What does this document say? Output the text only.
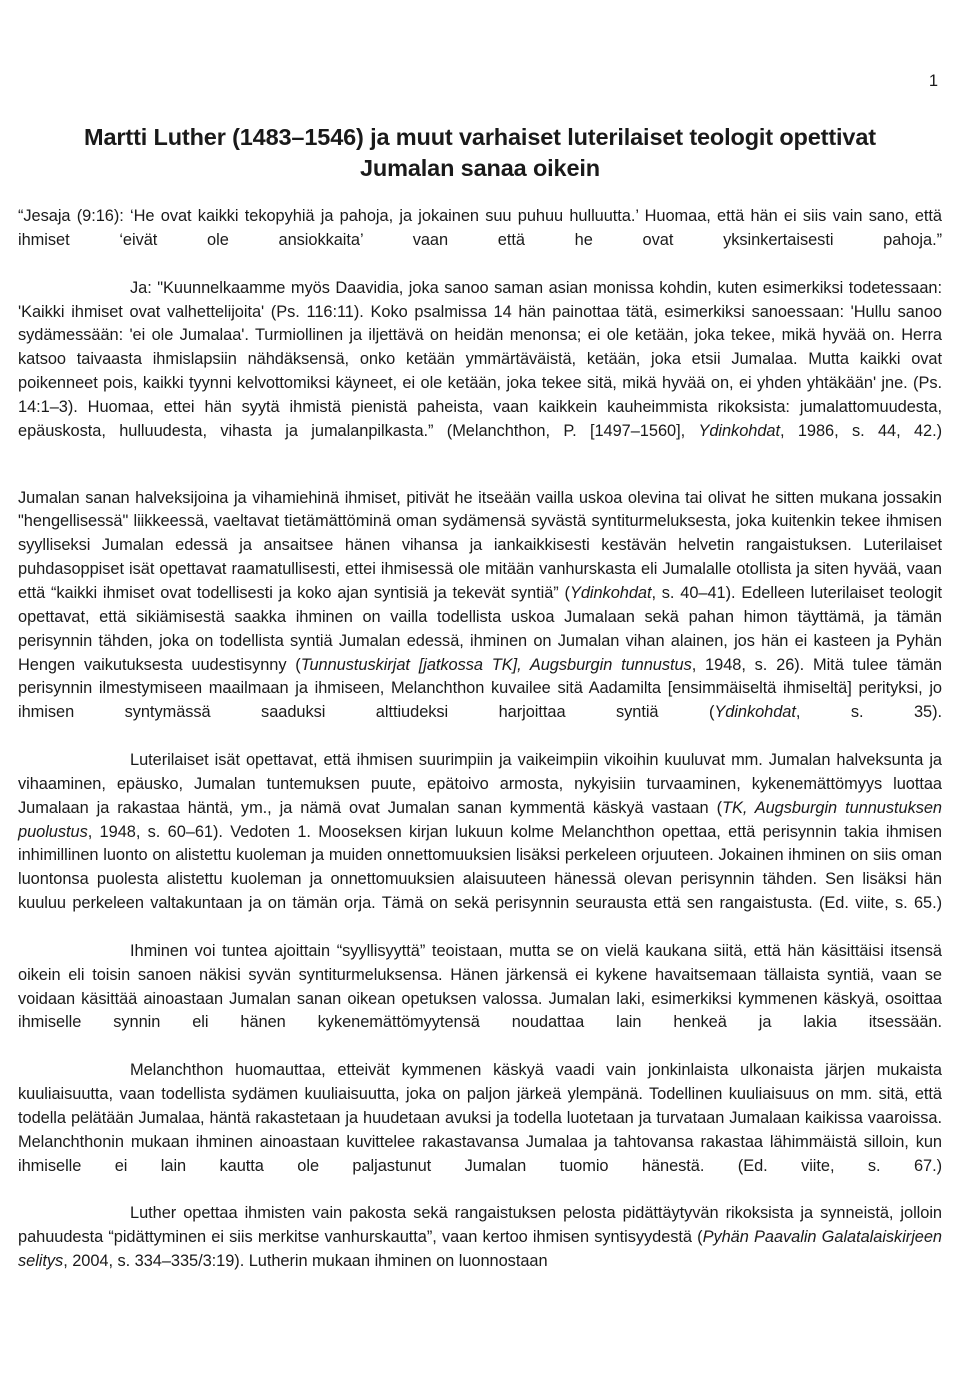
1
Martti Luther (1483–1546) ja muut varhaiset luterilaiset teologit opettivat Jumalan sanaa oikein

“Jesaja (9:16): ‘He ovat kaikki tekopyhiä ja pahoja, ja jokainen suu puhuu hulluutta.’ Huomaa, että hän ei siis vain sano, että ihmiset ‘eivät ole ansiokkaita’ vaan että he ovat yksinkertaisesti pahoja.”

Ja: "Kuunnelkaamme myös Daavidia, joka sanoo saman asian monissa kohdin, kuten esimerkiksi todetessaan: 'Kaikki ihmiset ovat valhettelijoita' (Ps. 116:11). Koko psalmissa 14 hän painottaa tätä, esimerkiksi sanoessaan: 'Hullu sanoo sydämessään: 'ei ole Jumalaa'. Turmiollinen ja iljettävä on heidän menonsa; ei ole ketään, joka tekee, mikä hyvää on. Herra katsoo taivaasta ihmislapsiin nähdäksensä, onko ketään ymmärtäväistä, ketään, joka etsii Jumalaa. Mutta kaikki ovat poikenneet pois, kaikki tyynni kelvottomiksi käyneet, ei ole ketään, joka tekee sitä, mikä hyvää on, ei yhden yhtäkään' jne. (Ps. 14:1–3). Huomaa, ettei hän syytä ihmistä pienistä paheista, vaan kaikkein kauheimmista rikoksista: jumalattomuudesta, epäuskosta, hulluudesta, vihasta ja jumalanpilkasta.” (Melanchthon, P. [1497–1560], Ydinkohdat, 1986, s. 44, 42.)

Jumalan sanan halveksijoina ja vihamiehinä ihmiset, pitivät he itseään vailla uskoa olevina tai olivat he sitten mukana jossakin "hengellisessä" liikkeessä, vaeltavat tietämättöminä oman sydämensä syvästä syntiturmeluksesta, joka kuitenkin tekee ihmisen syylliseksi Jumalan edessä ja ansaitsee hänen vihansa ja iankaikkisesti kestävän helvetin rangaistuksen. Luterilaiset puhdasoppiset isät opettavat raamatullisesti, ettei ihmisessä ole mitään vanhurskasta eli Jumalalle otollista ja siten hyvää, vaan että “kaikki ihmiset ovat todellisesti ja koko ajan syntisiä ja tekevät syntiä” (Ydinkohdat, s. 40–41). Edelleen luterilaiset teologit opettavat, että sikiämisestä saakka ihminen on vailla todellista uskoa Jumalaan sekä pahan himon täyttämä, ja tämän perisynnin tähden, joka on todellista syntiä Jumalan edessä, ihminen on Jumalan vihan alainen, jos hän ei kasteen ja Pyhän Hengen vaikutuksesta uudestisynny (Tunnustuskirjat [jatkossa TK], Augsburgin tunnustus, 1948, s. 26). Mitä tulee tämän perisynnin ilmestymiseen maailmaan ja ihmiseen, Melanchthon kuvailee sitä Aadamilta [ensimmäiseltä ihmiseltä] perityksi, jo ihmisen syntymässä saaduksi alttiudeksi harjoittaa syntiä (Ydinkohdat, s. 35).

Luterilaiset isät opettavat, että ihmisen suurimpiin ja vaikeimpiin vikoihin kuuluvat mm. Jumalan halveksunta ja vihaaminen, epäusko, Jumalan tuntemuksen puute, epätoivo armosta, nykyisiin turvaaminen, kykenemättömyys luottaa Jumalaan ja rakastaa häntä, ym., ja nämä ovat Jumalan sanan kymmentä käskyä vastaan (TK, Augsburgin tunnustuksen puolustus, 1948, s. 60–61). Vedoten 1. Mooseksen kirjan lukuun kolme Melanchthon opettaa, että perisynnin takia ihmisen inhimillinen luonto on alistettu kuoleman ja muiden onnettomuuksien lisäksi perkeleen orjuuteen. Jokainen ihminen on siis oman luontonsa puolesta alistettu kuoleman ja onnettomuuksien alaisuuteen hänessä olevan perisynnin tähden. Sen lisäksi hän kuuluu perkeleen valtakuntaan ja on tämän orja. Tämä on sekä perisynnin seurausta että sen rangaistusta. (Ed. viite, s. 65.)

Ihminen voi tuntea ajoittain “syyllisyyttä” teoistaan, mutta se on vielä kaukana siitä, että hän käsittäisi itsensä oikein eli toisin sanoen näkisi syvän syntiturmeluksensa. Hänen järkensä ei kykene havaitsemaan tällaista syntiä, vaan se voidaan käsittää ainoastaan Jumalan sanan oikean opetuksen valossa. Jumalan laki, esimerkiksi kymmenen käskyä, osoittaa ihmiselle synnin eli hänen kykenemättömyytensä noudattaa lain henkeä ja lakia itsessään.

Melanchthon huomauttaa, etteivät kymmenen käskyä vaadi vain jonkinlaista ulkonaista järjen mukaista kuuliaisuutta, vaan todellista sydämen kuuliaisuutta, joka on paljon järkeä ylempänä. Todellinen kuuliaisuus on mm. sitä, että todella pelätään Jumalaa, häntä rakastetaan ja huudetaan avuksi ja todella luotetaan ja turvataan Jumalaan kaikissa vaaroissa. Melanchthonin mukaan ihminen ainoastaan kuvittelee rakastavansa Jumalaa ja tahtovansa rakastaa lähimmäistä silloin, kun ihmiselle ei lain kautta ole paljastunut Jumalan tuomio hänestä. (Ed. viite, s. 67.)

Luther opettaa ihmisten vain pakosta sekä rangaistuksen pelosta pidättäytyvän rikoksista ja synneistä, jolloin pahuudesta “pidättyminen ei siis merkitse vanhurskautta”, vaan kertoo ihmisen syntisyydestä (Pyhän Paavalin Galatalaiskirjeen selitys, 2004, s. 334–335/3:19). Lutherin mukaan ihminen on luonnostaan
